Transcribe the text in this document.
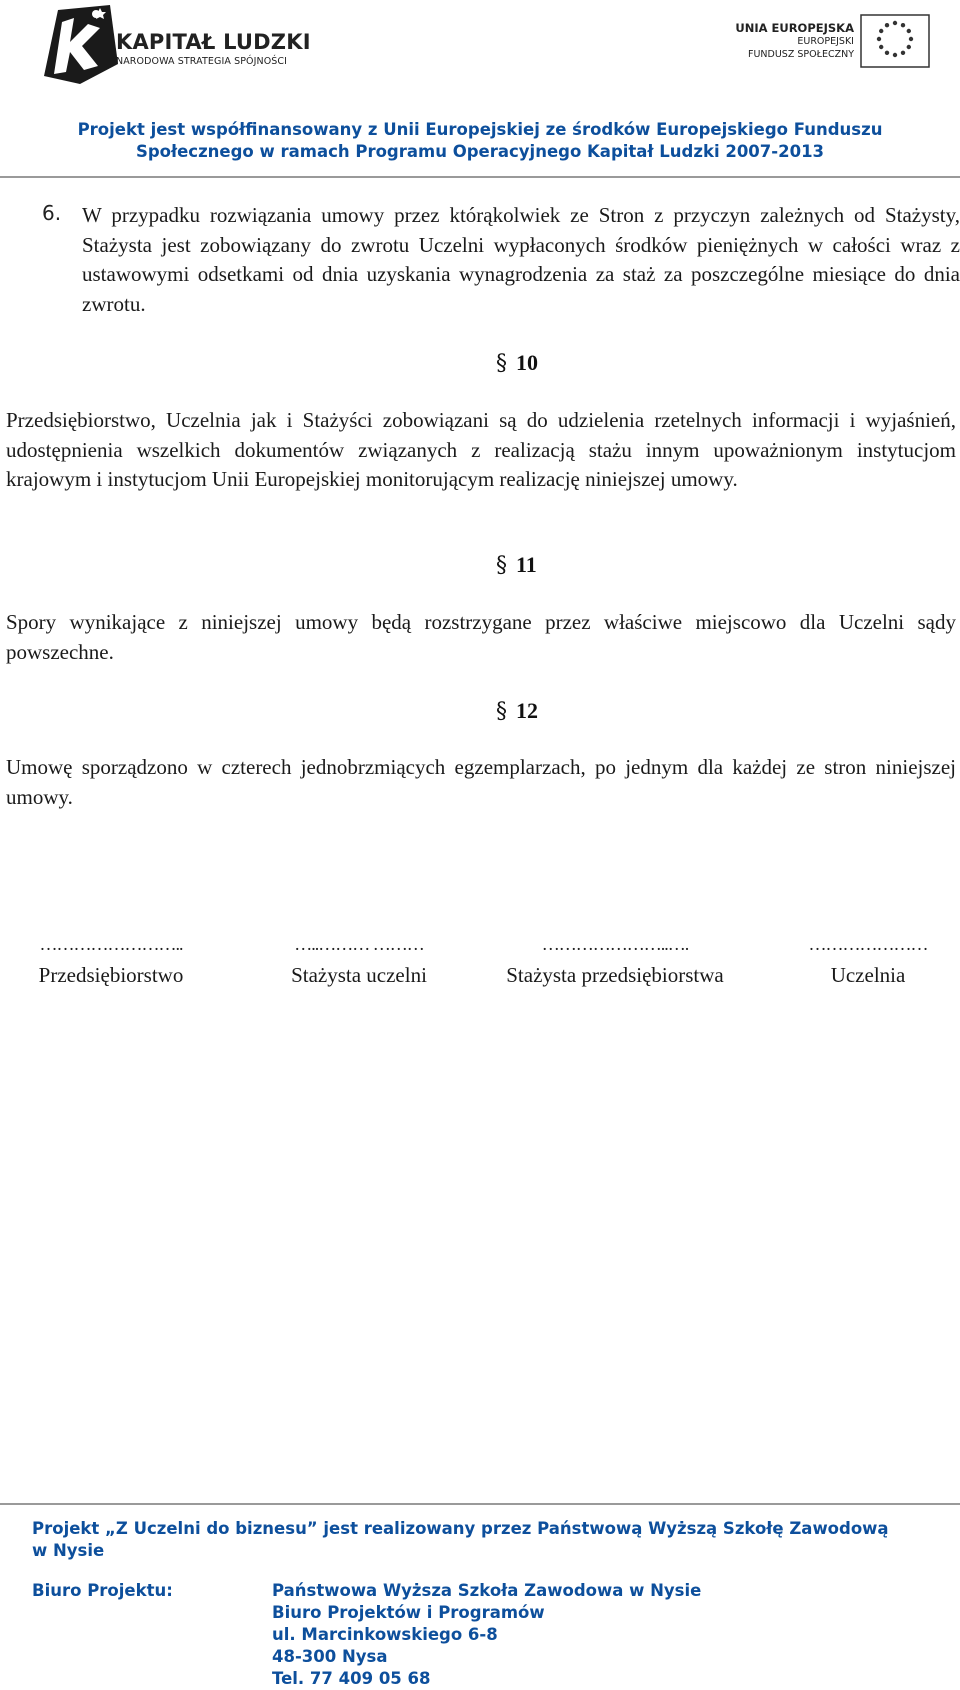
KAPITAŁ LUDZKI
NARODOWA STRATEGIA SPÓJNOŚCI
UNIA EUROPEJSKA
EUROPEJSKI
FUNDUSZ SPOŁECZNY
Projekt jest współfinansowany z Unii Europejskiej ze środków Europejskiego Funduszu
Społecznego w ramach Programu Operacyjnego Kapitał Ludzki 2007-2013
6. W przypadku rozwiązania umowy przez którąkolwiek ze Stron z przyczyn zależnych od Stażysty, Stażysta jest zobowiązany do zwrotu Uczelni wypłaconych środków pieniężnych w całości wraz z ustawowymi odsetkami od dnia uzyskania wynagrodzenia za staż za poszczególne miesiące do dnia zwrotu.
§ 10
Przedsiębiorstwo, Uczelnia jak i Stażyści zobowiązani są do udzielenia rzetelnych informacji i wyjaśnień, udostępnienia wszelkich dokumentów związanych z realizacją stażu innym upoważnionym instytucjom krajowym i instytucjom Unii Europejskiej monitorującym realizację niniejszej umowy.
§ 11
Spory wynikające z niniejszej umowy będą rozstrzygane przez właściwe miejscowo dla Uczelni sądy powszechne.
§ 12
Umowę sporządzono w czterech jednobrzmiących egzemplarzach, po jednym dla każdej ze stron niniejszej umowy.
……………………..
Przedsiębiorstwo
…..……… ………
Stażysta uczelni
…………………..….
Stażysta przedsiębiorstwa
…………………
Uczelnia
Projekt „Z Uczelni do biznesu” jest realizowany przez Państwową Wyższą Szkołę Zawodową
w Nysie
Biuro Projektu:	Państwowa Wyższa Szkoła Zawodowa w Nysie
Biuro Projektów i Programów
ul. Marcinkowskiego 6-8
48-300 Nysa
Tel. 77 409 05 68
